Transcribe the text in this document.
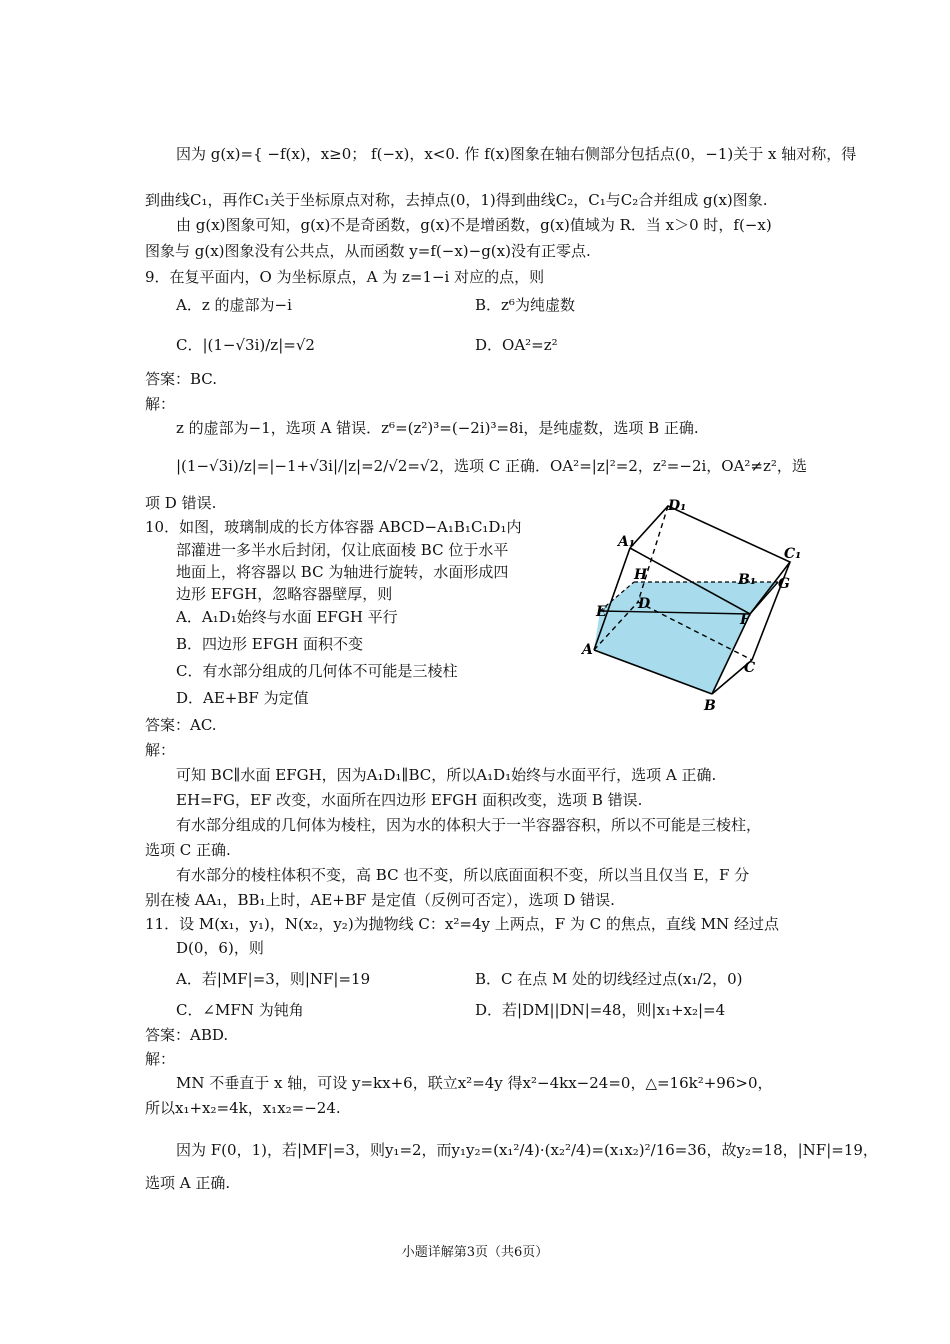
因为 g(x)={ −f(x)，x≥0； f(−x)，x<0. 作 f(x)图象在轴右侧部分包括点(0，−1)关于 x 轴对称，得
到曲线C₁，再作C₁关于坐标原点对称，去掉点(0，1)得到曲线C₂，C₁与C₂合并组成 g(x)图象.
由 g(x)图象可知，g(x)不是奇函数，g(x)不是增函数，g(x)值域为 R．当 x＞0 时，f(−x)
图象与 g(x)图象没有公共点，从而函数 y=f(−x)−g(x)没有正零点.
9．在复平面内，O 为坐标原点，A 为 z=1−i 对应的点，则
A．z 的虚部为−i	B．z⁶为纯虚数
C．|(1−√3i)/z|=√2	D．OA²=z²
答案：BC.
解：
z 的虚部为−1，选项 A 错误．z⁶=(z²)³=(−2i)³=8i，是纯虚数，选项 B 正确.
|(1−√3i)/z|=|−1+√3i|/|z|=2/√2=√2，选项 C 正确．OA²=|z|²=2，z²=−2i，OA²≠z²，选
项 D 错误.
10．如图，玻璃制成的长方体容器 ABCD−A₁B₁C₁D₁内
部灌进一多半水后封闭，仅让底面棱 BC 位于水平
地面上，将容器以 BC 为轴进行旋转，水面形成四
边形 EFGH，忽略容器壁厚，则
A．A₁D₁始终与水面 EFGH 平行
B．四边形 EFGH 面积不变
C．有水部分组成的几何体不可能是三棱柱
D．AE+BF 为定值
答案：AC.
解：
可知 BC∥水面 EFGH，因为A₁D₁∥BC，所以A₁D₁始终与水面平行，选项 A 正确.
EH=FG，EF 改变，水面所在四边形 EFGH 面积改变，选项 B 错误.
有水部分组成的几何体为棱柱，因为水的体积大于一半容器容积，所以不可能是三棱柱，
选项 C 正确.
有水部分的棱柱体积不变，高 BC 也不变，所以底面面积不变，所以当且仅当 E，F 分
别在棱 AA₁，BB₁上时，AE+BF 是定值（反例可否定），选项 D 错误.
11．设 M(x₁，y₁)，N(x₂，y₂)为抛物线 C：x²=4y 上两点，F 为 C 的焦点，直线 MN 经过点
D(0，6)，则
A．若|MF|=3，则|NF|=19	B．C 在点 M 处的切线经过点(x₁/2，0)
C．∠MFN 为钝角	D．若|DM||DN|=48，则|x₁+x₂|=4
答案：ABD.
解：
MN 不垂直于 x 轴，可设 y=kx+6，联立x²=4y 得x²−4kx−24=0，△=16k²+96>0，
所以x₁+x₂=4k，x₁x₂=−24.
因为 F(0，1)，若|MF|=3，则y₁=2，而y₁y₂=(x₁²/4)·(x₂²/4)=(x₁x₂)²/16=36，故y₂=18，|NF|=19，
选项 A 正确.
D₁
A₁
C₁
H	B₁ G
D
E	F
A
C
B
小题详解第3页（共6页）
